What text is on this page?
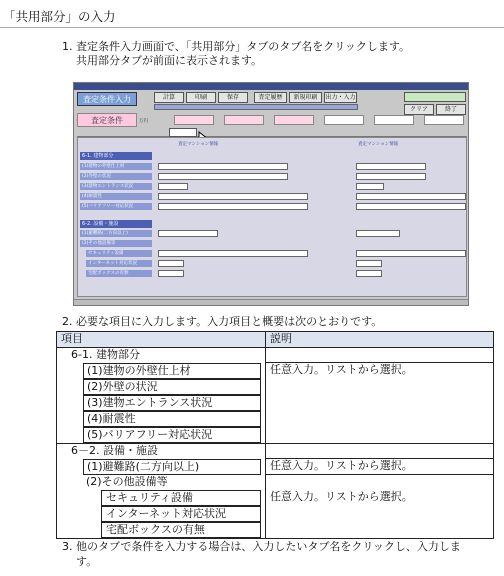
「共用部分」の入力
1. 査定条件入力画面で、「共用部分」タブのタブ名をクリックします。
共用部分タブが前面に表示されます。
査定条件入力	計算	印刷	保存	査定履歴	新規印刷	出力・入力
クリア	終了
査定条件	万円
査定マンション情報	査定マンション情報
6-1. 建物部分
(1)建物の外壁仕上材
(2)外壁の状況
(3)建物エントランス状況
(4)耐震性
(5)バリアフリー対応状況
6-2. 設備・施設
(1)避難路(二方向以上)
(2)その他設備等
セキュリティ設備
インターネット対応状況
宅配ボックスの有無
2. 必要な項目に入力します。入力項目と概要は次のとおりです。
項目	説明
6-1. 建物部分	
(1)建物の外壁仕上材	任意入力。リストから選択。
(2)外壁の状況	
(3)建物エントランス状況	
(4)耐震性	
(5)バリアフリー対応状況	
6－2. 設備・施設	
(1)避難路(二方向以上)	任意入力。リストから選択。
(2)その他設備等	
セキュリティ設備	任意入力。リストから選択。
インターネット対応状況	
宅配ボックスの有無	
3. 他のタブで条件を入力する場合は、入力したいタブ名をクリックし、入力しま
す。
